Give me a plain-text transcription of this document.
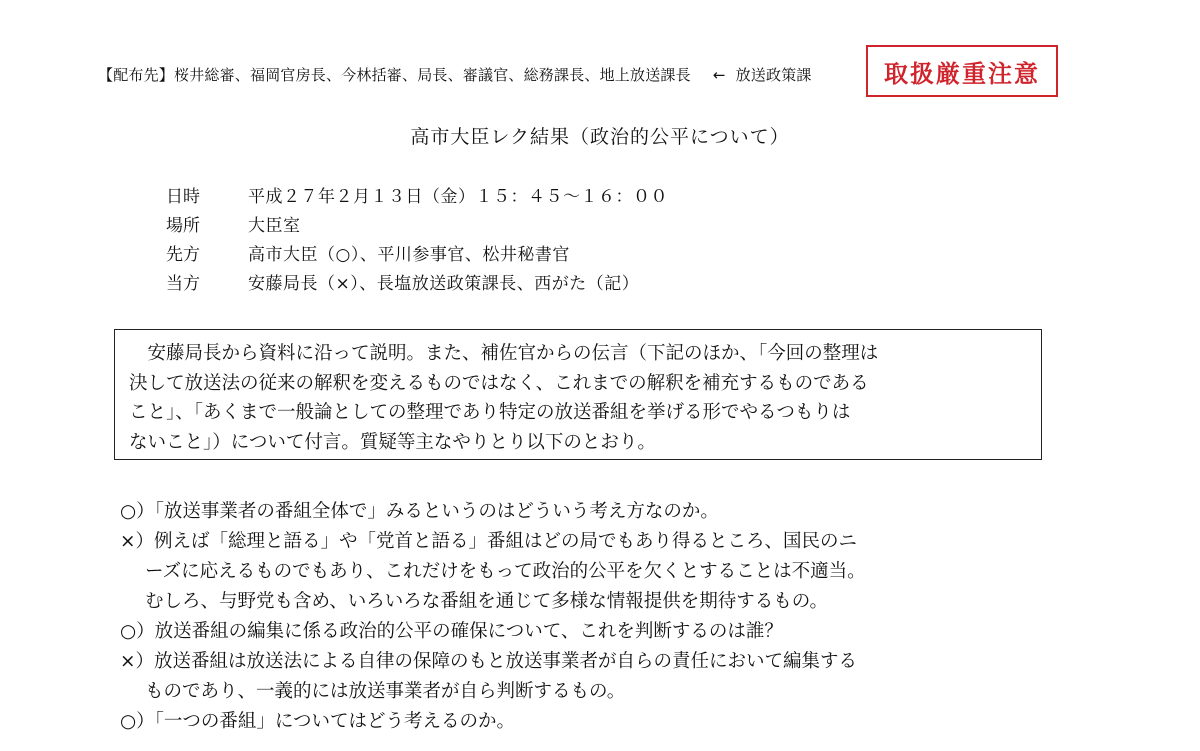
【配布先】桜井総審、福岡官房長、今林括審、局長、審議官、総務課長、地上放送課長 ← 放送政策課	取扱厳重注意
高市大臣レク結果（政治的公平について）
日時	平成２７年２月１３日（金）１５：４５～１６：００
場所	大臣室
先方	高市大臣（○）、平川参事官、松井秘書官
当方	安藤局長（×）、長塩放送政策課長、西がた（記）
　安藤局長から資料に沿って説明。また、補佐官からの伝言（下記のほか、「今回の整理は
決して放送法の従来の解釈を変えるものではなく、これまでの解釈を補充するものである
こと」、「あくまで一般論としての整理であり特定の放送番組を挙げる形でやるつもりは
ないこと」）について付言。質疑等主なやりとり以下のとおり。
○）「放送事業者の番組全体で」みるというのはどういう考え方なのか。
×）例えば「総理と語る」や「党首と語る」番組はどの局でもあり得るところ、国民のニ
ーズに応えるものでもあり、これだけをもって政治的公平を欠くとすることは不適当。
むしろ、与野党も含め、いろいろな番組を通じて多様な情報提供を期待するもの。
○）放送番組の編集に係る政治的公平の確保について、これを判断するのは誰？
×）放送番組は放送法による自律の保障のもと放送事業者が自らの責任において編集する
ものであり、一義的には放送事業者が自ら判断するもの。
○）「一つの番組」についてはどう考えるのか。
